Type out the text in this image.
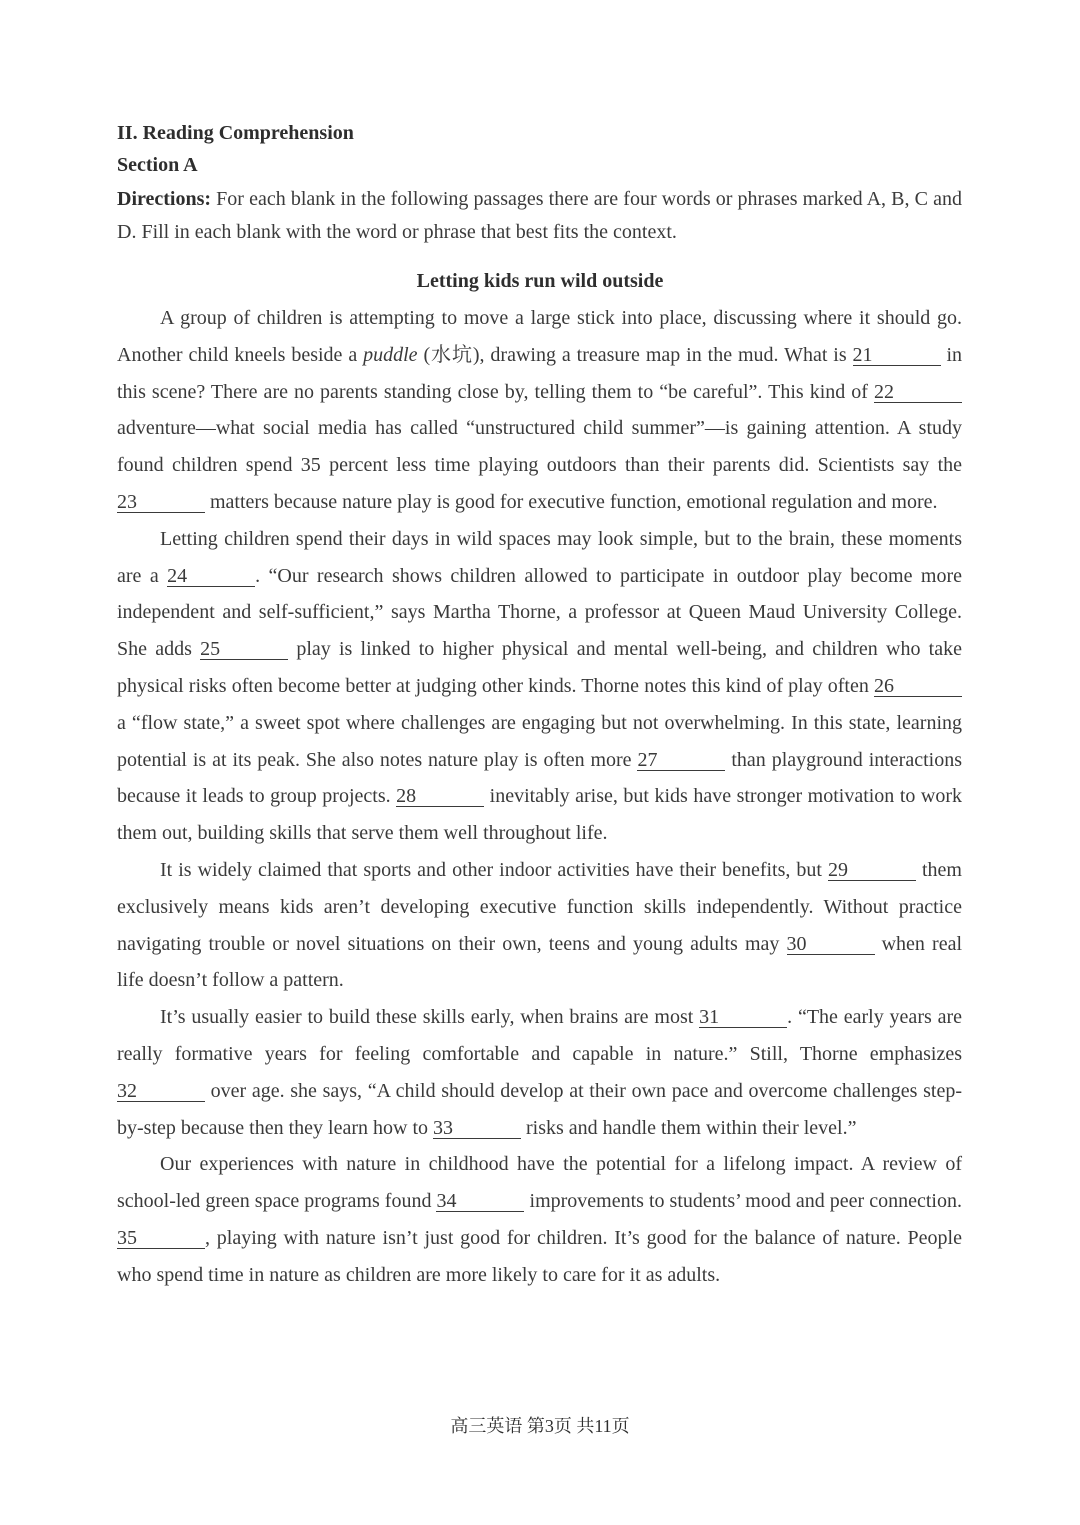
II. Reading Comprehension
Section A
Directions: For each blank in the following passages there are four words or phrases marked A, B, C and D. Fill in each blank with the word or phrase that best fits the context.
Letting kids run wild outside

A group of children is attempting to move a large stick into place, discussing where it should go. Another child kneels beside a puddle (水坑), drawing a treasure map in the mud. What is 21	in this scene? There are no parents standing close by, telling them to “be careful”. This kind of 22 adventure—what social media has called “unstructured child summer”—is gaining attention. A study found children spend 35 percent less time playing outdoors than their parents did. Scientists say the 23	matters because nature play is good for executive function, emotional regulation and more.

Letting children spend their days in wild spaces may look simple, but to the brain, these moments are a 24	. “Our research shows children allowed to participate in outdoor play become more independent and self-sufficient,” says Martha Thorne, a professor at Queen Maud University College. She adds 25	play is linked to higher physical and mental well-being, and children who take physical risks often become better at judging other kinds. Thorne notes this kind of play often 26 a “flow state,” a sweet spot where challenges are engaging but not overwhelming. In this state, learning potential is at its peak. She also notes nature play is often more 27	than playground interactions because it leads to group projects. 28	inevitably arise, but kids have stronger motivation to work them out, building skills that serve them well throughout life.

It is widely claimed that sports and other indoor activities have their benefits, but 29	them exclusively means kids aren’t developing executive function skills independently. Without practice navigating trouble or novel situations on their own, teens and young adults may 30	when real life doesn’t follow a pattern.

It’s usually easier to build these skills early, when brains are most 31	. “The early years are really formative years for feeling comfortable and capable in nature.” Still, Thorne emphasizes 32	over age. she says, “A child should develop at their own pace and overcome challenges step-by-step because then they learn how to 33	risks and handle them within their level.”

Our experiences with nature in childhood have the potential for a lifelong impact. A review of school-led green space programs found 34	improvements to students’ mood and peer connection. 35	, playing with nature isn’t just good for children. It’s good for the balance of nature. People who spend time in nature as children are more likely to care for it as adults.

高三英语 第3页 共11页
